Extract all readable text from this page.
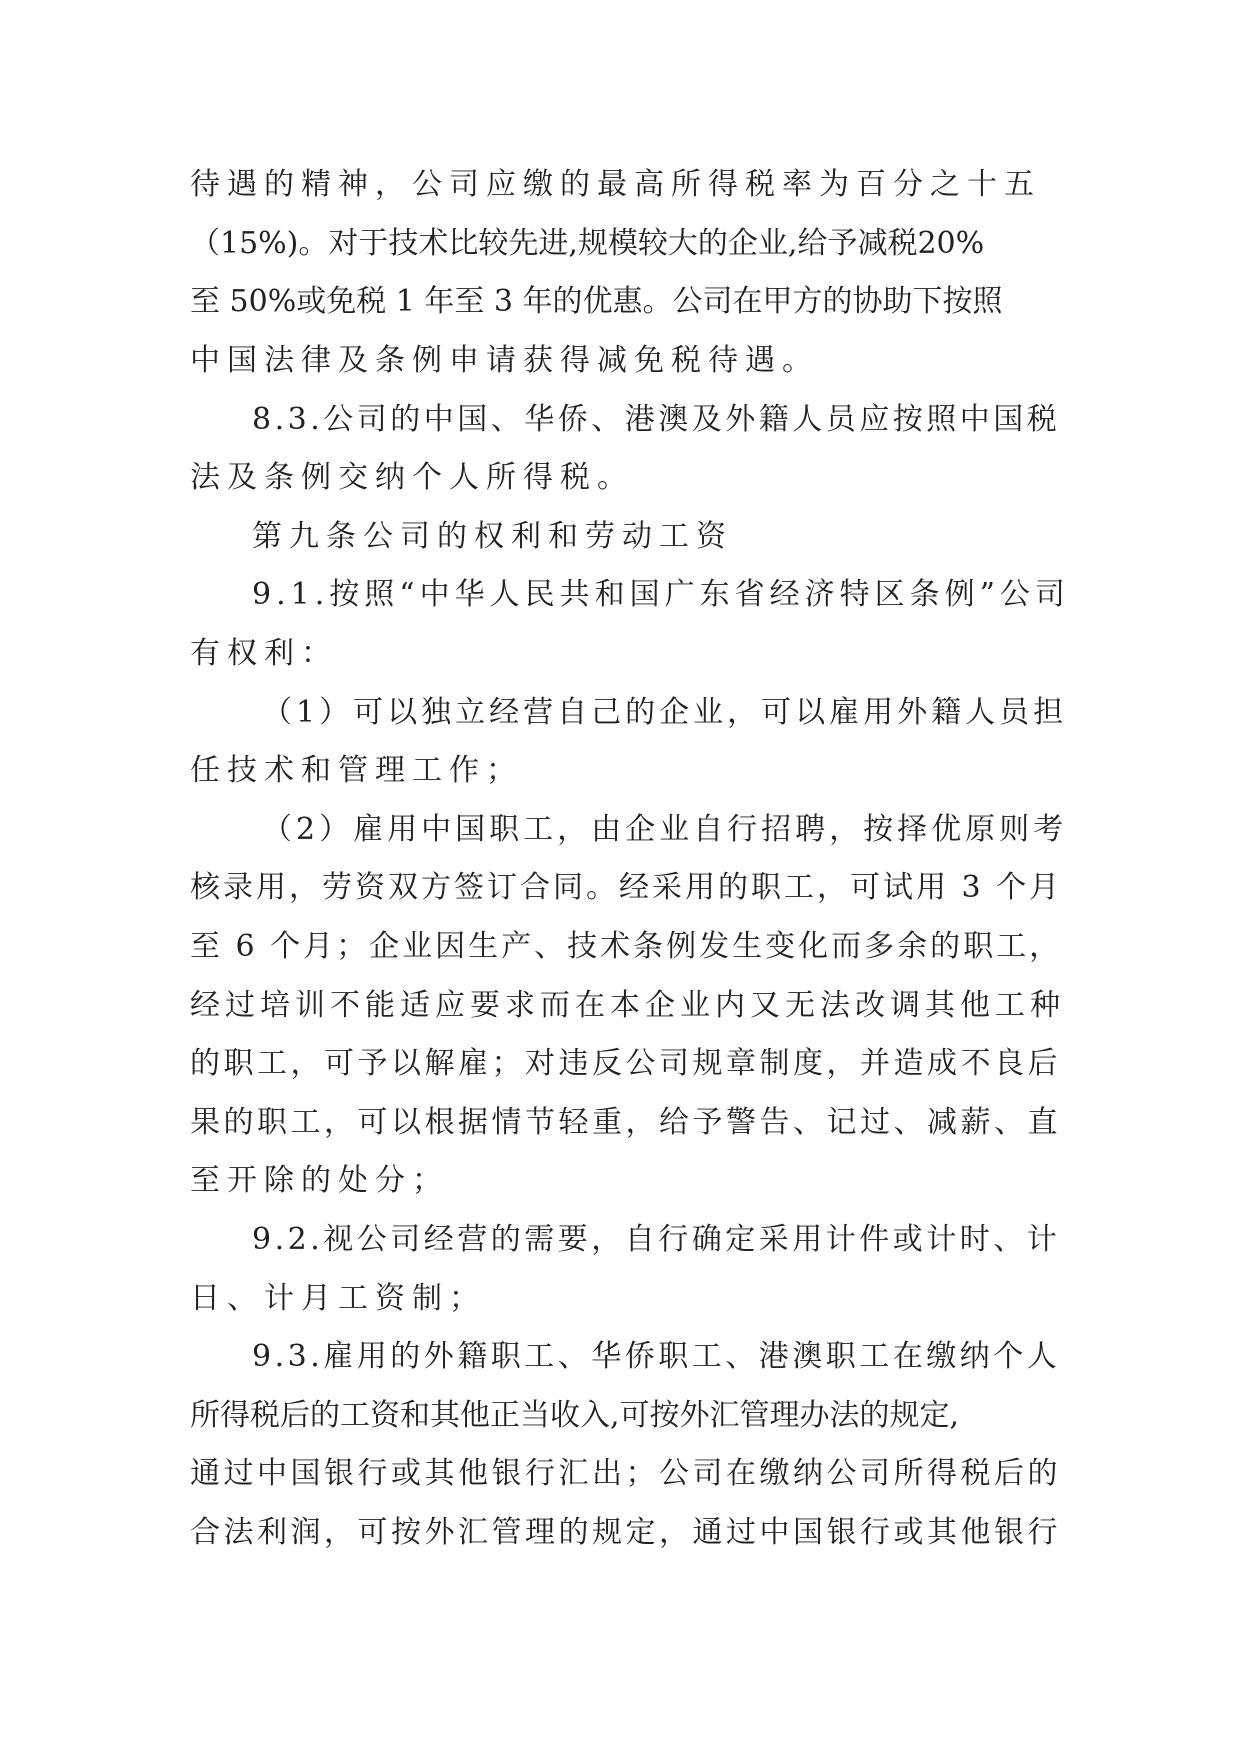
待遇的精神，公司应缴的最高所得税率为百分之十五
（15%)。对于技术比较先进,规模较大的企业,给予减税20%
至 50%或免税 1 年至 3 年的优惠。公司在甲方的协助下按照
中国法律及条例申请获得减免税待遇。
8.3.公司的中国、华侨、港澳及外籍人员应按照中国税
法及条例交纳个人所得税。
第九条公司的权利和劳动工资
9.1.按照“中华人民共和国广东省经济特区条例”公司
有权利：
（1）可以独立经营自己的企业，可以雇用外籍人员担
任技术和管理工作；
（2）雇用中国职工，由企业自行招聘，按择优原则考
核录用，劳资双方签订合同。经采用的职工，可试用 3 个月
至 6 个月；企业因生产、技术条例发生变化而多余的职工，
经过培训不能适应要求而在本企业内又无法改调其他工种
的职工，可予以解雇；对违反公司规章制度，并造成不良后
果的职工，可以根据情节轻重，给予警告、记过、减薪、直
至开除的处分；
9.2.视公司经营的需要，自行确定采用计件或计时、计
日、计月工资制；
9.3.雇用的外籍职工、华侨职工、港澳职工在缴纳个人
所得税后的工资和其他正当收入,可按外汇管理办法的规定,
通过中国银行或其他银行汇出；公司在缴纳公司所得税后的
合法利润，可按外汇管理的规定，通过中国银行或其他银行
